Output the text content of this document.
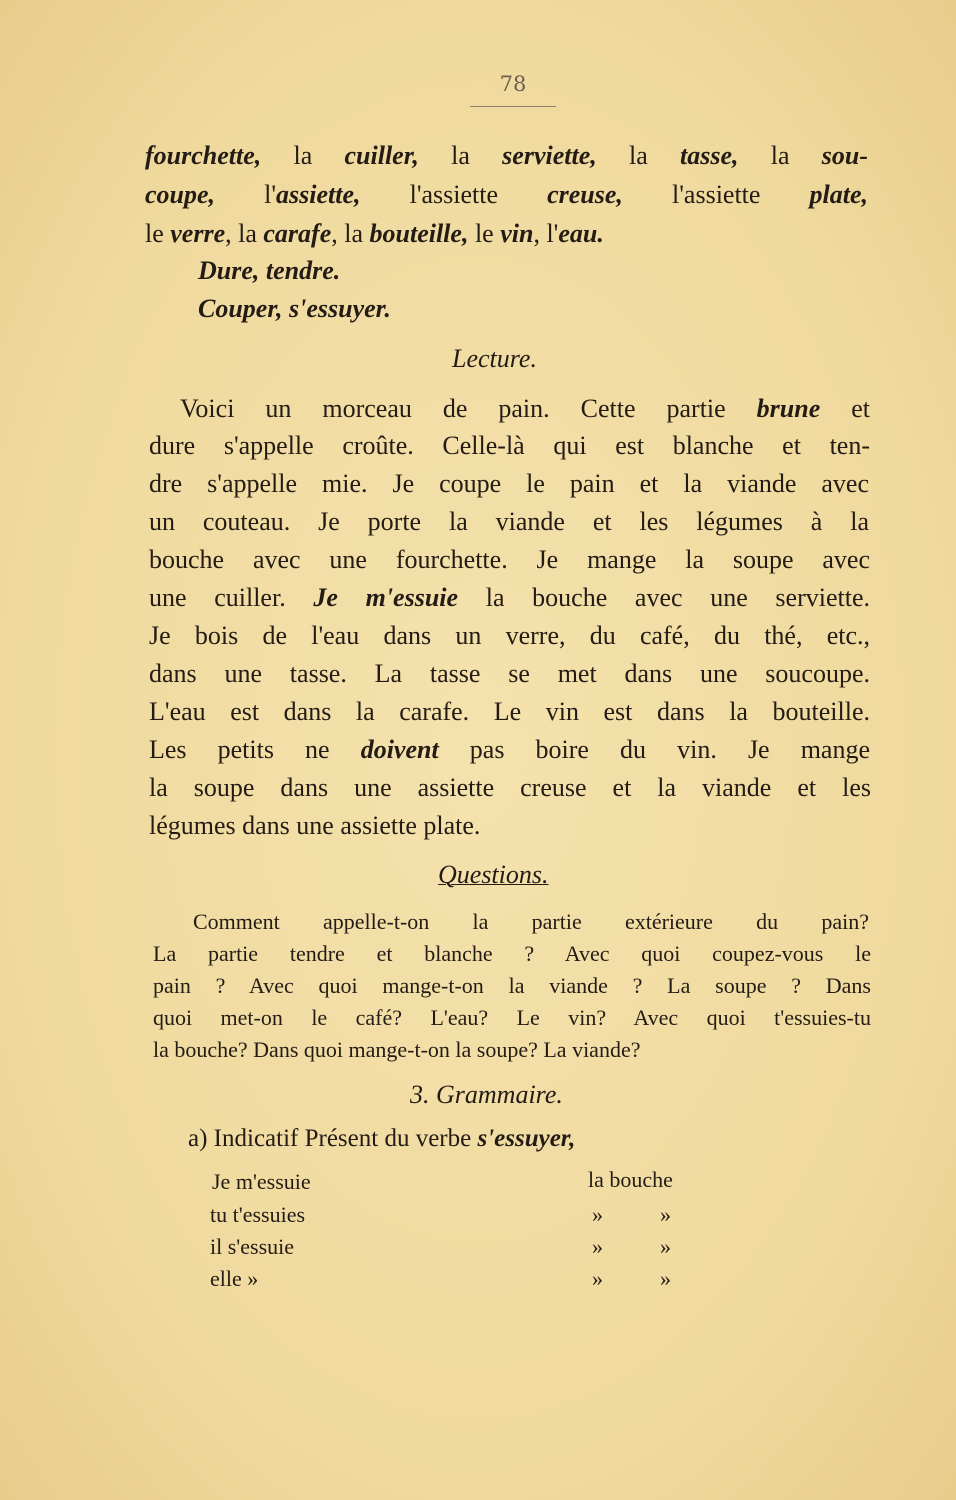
78
fourchette, la cuiller, la serviette, la tasse, la sou-
coupe, l'assiette, l'assiette creuse, l'assiette plate,
le verre, la carafe, la bouteille, le vin, l'eau.
Dure, tendre.
Couper, s'essuyer.
Lecture.
Voici un morceau de pain. Cette partie brune et
dure s'appelle croûte. Celle-là qui est blanche et ten-
dre s'appelle mie. Je coupe le pain et la viande avec
un couteau. Je porte la viande et les légumes à la
bouche avec une fourchette. Je mange la soupe avec
une cuiller. Je m'essuie la bouche avec une serviette.
Je bois de l'eau dans un verre, du café, du thé, etc.,
dans une tasse. La tasse se met dans une soucoupe.
L'eau est dans la carafe. Le vin est dans la bouteille.
Les petits ne doivent pas boire du vin. Je mange
la soupe dans une assiette creuse et la viande et les
légumes dans une assiette plate.
Questions.
Comment appelle-t-on la partie extérieure du pain?
La partie tendre et blanche ? Avec quoi coupez-vous le
pain ? Avec quoi mange-t-on la viande ? La soupe ? Dans
quoi met-on le café? L'eau? Le vin? Avec quoi t'essuies-tu
la bouche? Dans quoi mange-t-on la soupe? La viande?
3. Grammaire.
a) Indicatif Présent du verbe s'essuyer,
Je m'essuie	la bouche
tu t'essuies	»	»
il s'essuie	»	»
elle »	»	»
